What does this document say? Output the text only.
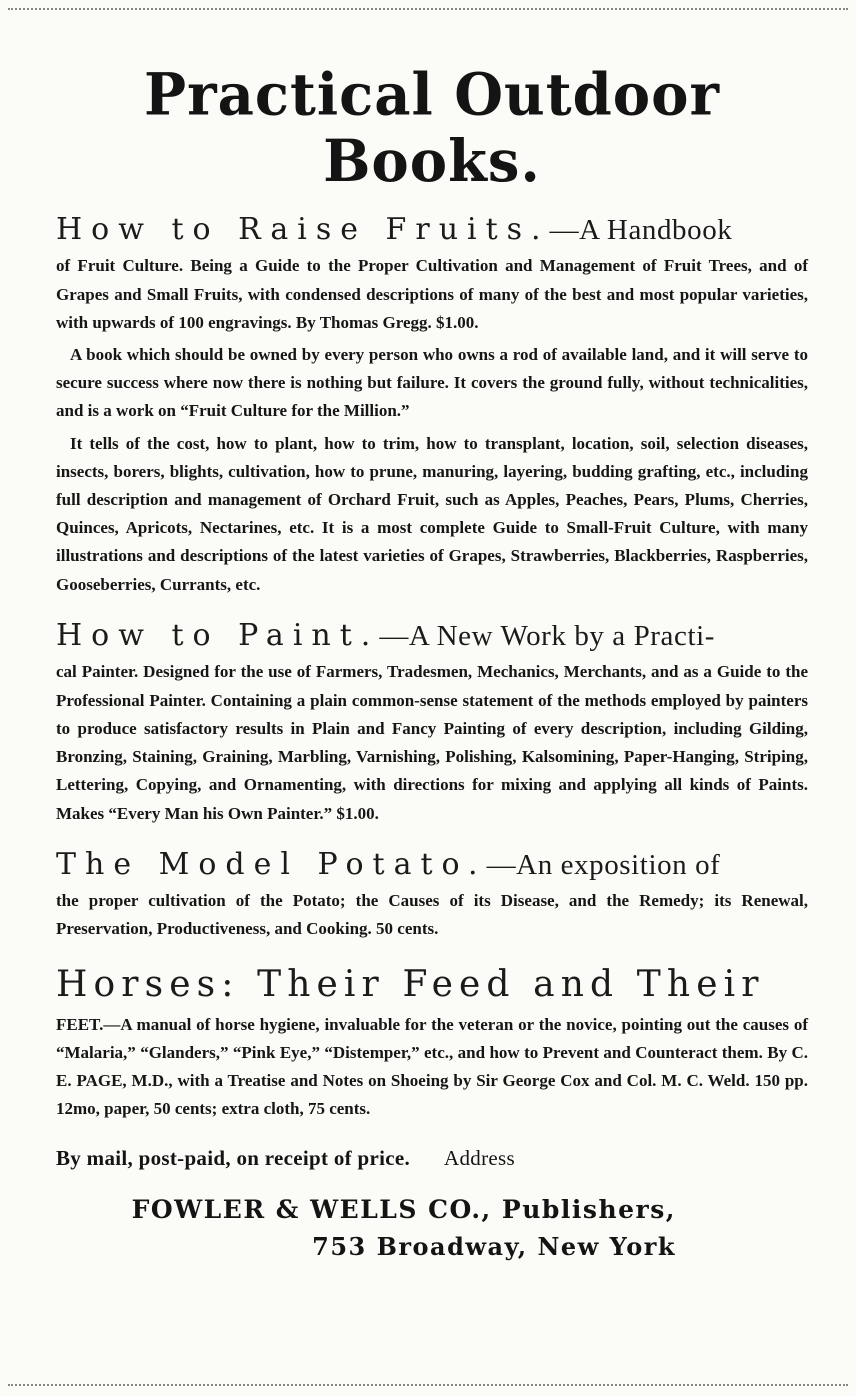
Practical Outdoor Books.

How to Raise Fruits.—A Handbook

of Fruit Culture. Being a Guide to the Proper Cultivation and Management of Fruit Trees, and of Grapes and Small Fruits, with condensed descriptions of many of the best and most popular varieties, with upwards of 100 engravings. By Thomas Gregg. $1.00.

A book which should be owned by every person who owns a rod of available land, and it will serve to secure success where now there is nothing but failure. It covers the ground fully, without technicalities, and is a work on “Fruit Culture for the Million.”

It tells of the cost, how to plant, how to trim, how to transplant, location, soil, selection diseases, insects, borers, blights, cultivation, how to prune, manuring, layering, budding grafting, etc., including full description and management of Orchard Fruit, such as Apples, Peaches, Pears, Plums, Cherries, Quinces, Apricots, Nectarines, etc. It is a most complete Guide to Small-Fruit Culture, with many illustrations and descriptions of the latest varieties of Grapes, Strawberries, Blackberries, Raspberries, Gooseberries, Currants, etc.

How to Paint.—A New Work by a Practi-

cal Painter. Designed for the use of Farmers, Tradesmen, Mechanics, Merchants, and as a Guide to the Professional Painter. Containing a plain common-sense statement of the methods employed by painters to produce satisfactory results in Plain and Fancy Painting of every description, including Gilding, Bronzing, Staining, Graining, Marbling, Varnishing, Polishing, Kalsomining, Paper-Hanging, Striping, Lettering, Copying, and Ornamenting, with directions for mixing and applying all kinds of Paints. Makes “Every Man his Own Painter.” $1.00.

The Model Potato.—An exposition of

the proper cultivation of the Potato; the Causes of its Disease, and the Remedy; its Renewal, Preservation, Productiveness, and Cooking. 50 cents.

Horses: Their Feed and Their

FEET.—A manual of horse hygiene, invaluable for the veteran or the novice, pointing out the causes of “Malaria,” “Glanders,” “Pink Eye,” “Distemper,” etc., and how to Prevent and Counteract them. By C. E. PAGE, M.D., with a Treatise and Notes on Shoeing by Sir George Cox and Col. M. C. Weld. 150 pp. 12mo, paper, 50 cents; extra cloth, 75 cents.

By mail, post-paid, on receipt of price. Address

FOWLER & WELLS CO., Publishers,

753 Broadway, New York
